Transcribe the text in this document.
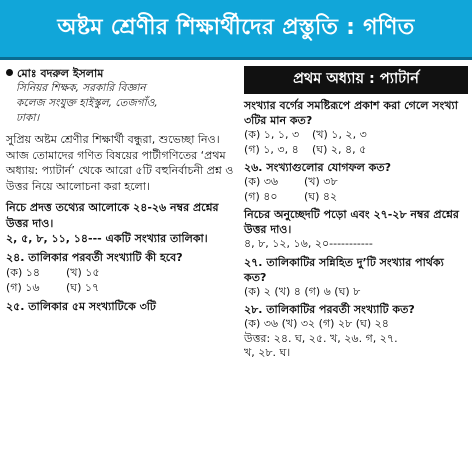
অষ্টম শ্রেণীর শিক্ষার্থীদের প্রস্তুতি : গণিত
মোঃ বদরুল ইসলাম
সিনিয়র শিক্ষক, সরকারি বিজ্ঞান
কলেজ সংযুক্ত হাইস্কুল, তেজগাঁও,
ঢাকা।
সুপ্রিয় অষ্টম শ্রেণীর শিক্ষার্থী বন্ধুরা, শুভেচ্ছা নিও। আজ তোমাদের গণিত বিষয়ের পাটীগণিতের ‘প্রথম অধ্যায়: প্যাটার্ন’ থেকে আরো ৫টি বহুনির্বাচনী প্রশ্ন ও উত্তর নিয়ে আলোচনা করা হলো।
নিচে প্রদত্ত তথ্যের আলোকে ২৪-২৬ নম্বর প্রশ্নের উত্তর দাও।
২, ৫, ৮, ১১, ১৪--- একটি সংখ্যার তালিকা।
২৪. তালিকার পরবর্তী সংখ্যাটি কী হবে?
(ক) ১৪ (খ) ১৫
(গ) ১৬ (ঘ) ১৭
২৫. তালিকার ৫ম সংখ্যাটিকে ৩টি
প্রথম অধ্যায় : প্যাটার্ন
সংখ্যার বর্গের সমষ্টিরূপে প্রকাশ করা গেলে সংখ্যা ৩টির মান কত?
(ক) ১, ১, ৩ (খ) ১, ২, ৩
(গ) ১, ৩, ৪ (ঘ) ২, ৪, ৫
২৬. সংখ্যাগুলোর যোগফল কত?
(ক) ৩৬ (খ) ৩৮
(গ) ৪০ (ঘ) ৪২
নিচের অনুচ্ছেদটি পড়ো এবং ২৭-২৮ নম্বর প্রশ্নের উত্তর দাও।
৪, ৮, ১২, ১৬, ২০-----------
২৭. তালিকাটির সন্নিহিত দু’টি সংখ্যার পার্থক্য কত?
(ক) ২ (খ) ৪ (গ) ৬ (ঘ) ৮
২৮. তালিকাটির পরবর্তী সংখ্যাটি কত?
(ক) ৩৬ (খ) ৩২ (গ) ২৮ (ঘ) ২৪
উত্তর: ২৪. ঘ, ২৫. খ, ২৬. গ, ২৭.
খ, ২৮. ঘ।
